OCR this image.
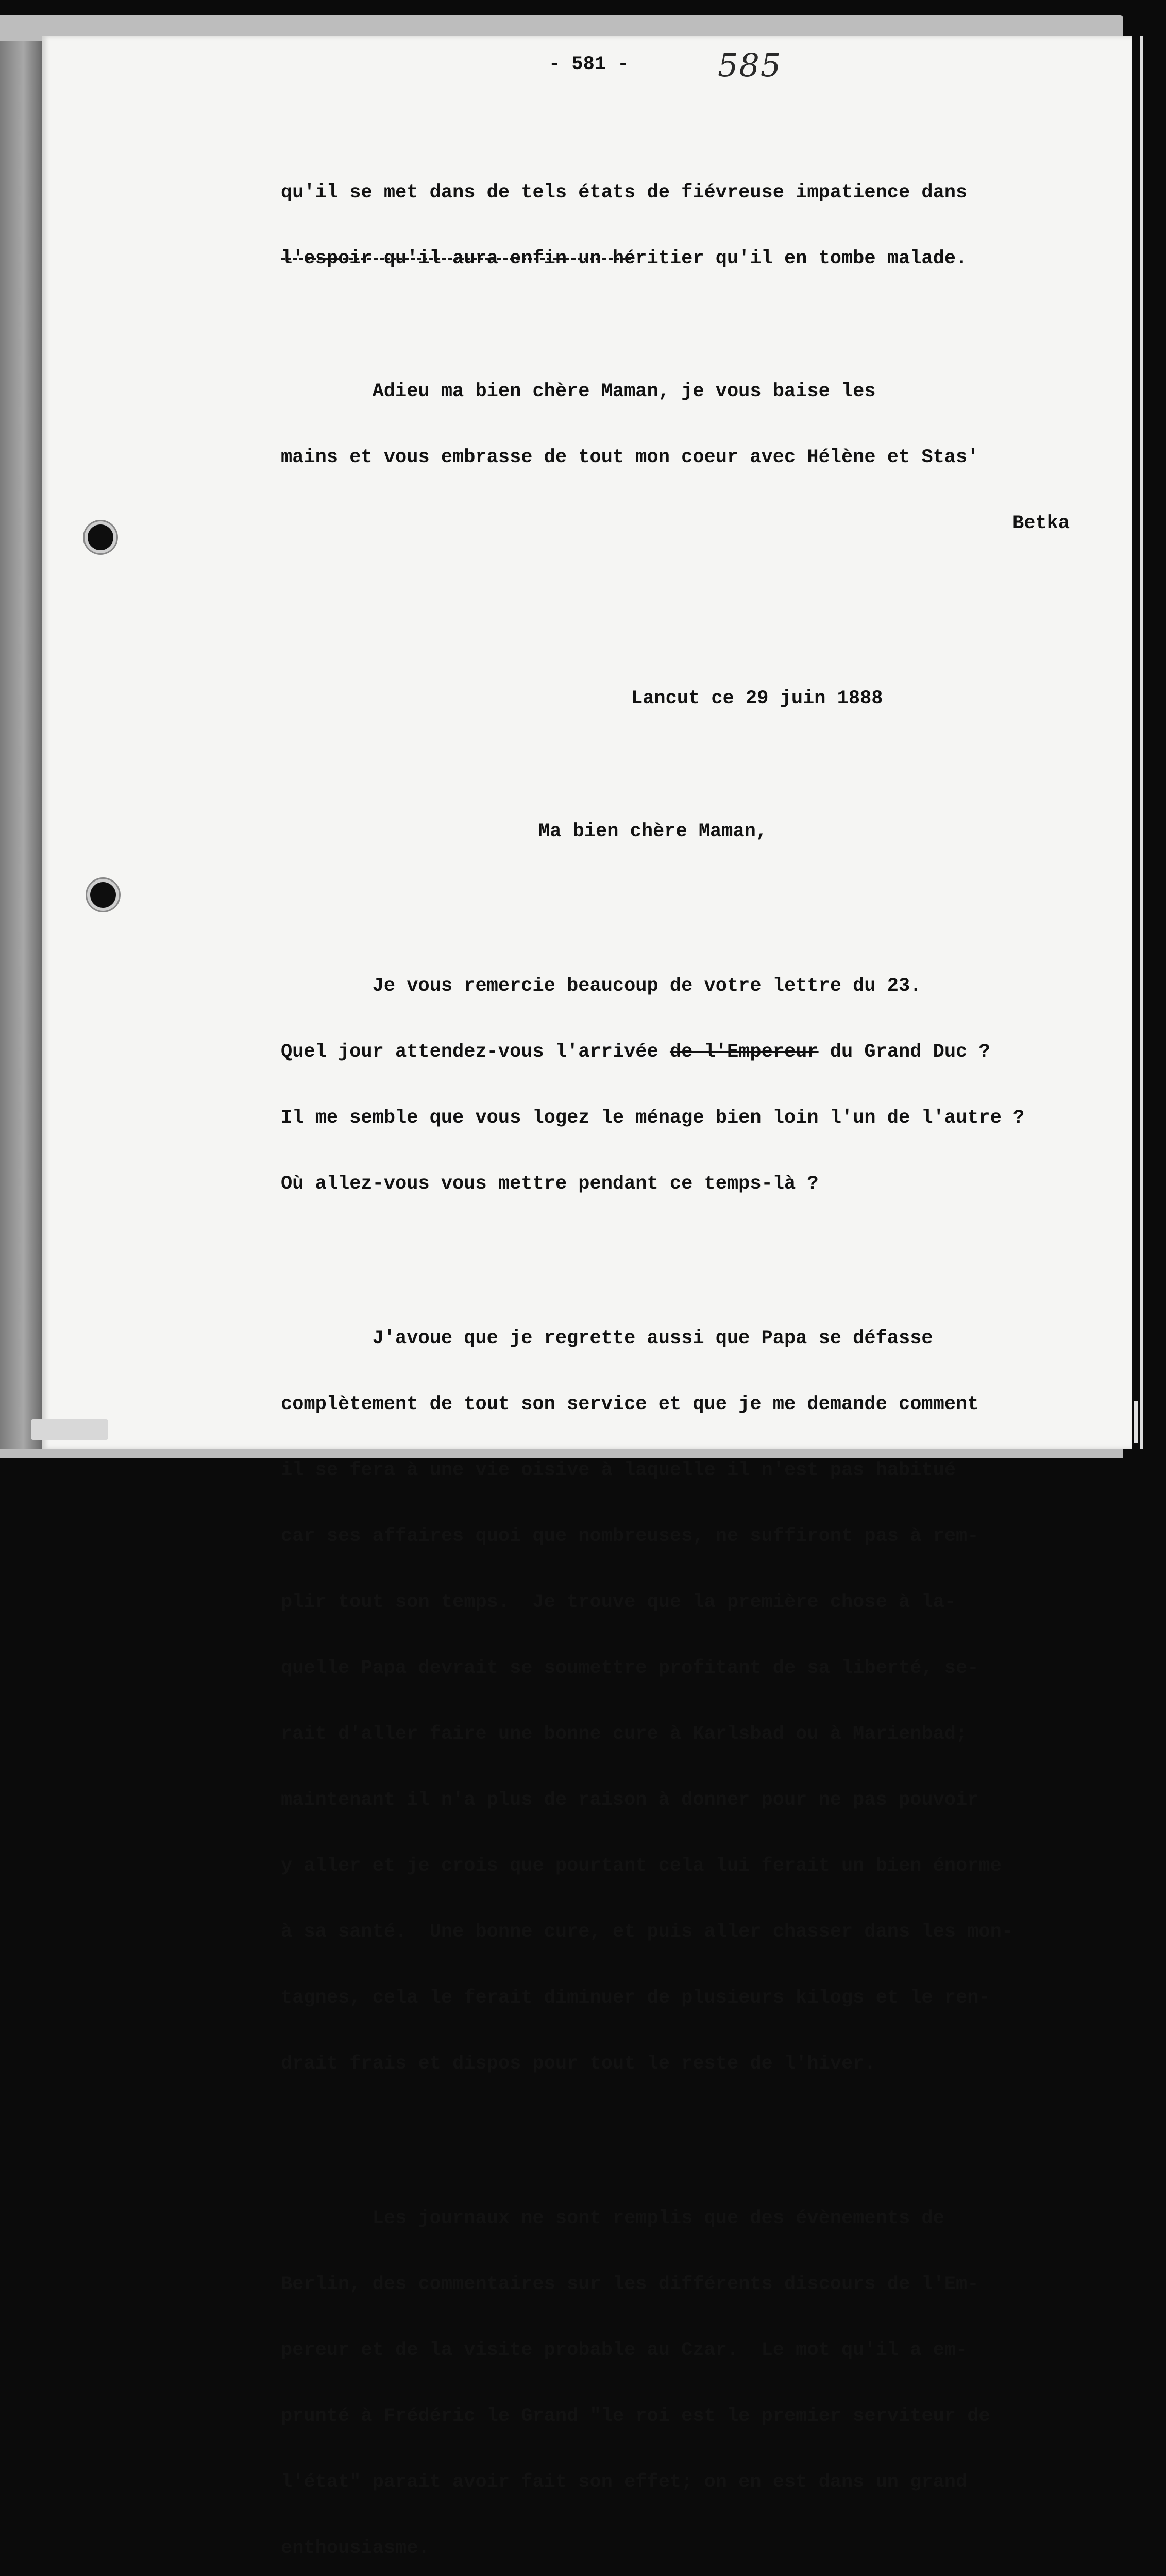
- 581 -	585

qu'il se met dans de tels états de fiévreuse impatience dans

l'espoir qu'il aura enfin un héritier qu'il en tombe malade.

Adieu ma bien chère Maman, je vous baise les

mains et vous embrasse de tout mon coeur avec Hélène et Stas'

Betka

Lancut ce 29 juin 1888

Ma bien chère Maman,

Je vous remercie beaucoup de votre lettre du 23.

Quel jour attendez-vous l'arrivée de l'Empereur du Grand Duc ?

Il me semble que vous logez le ménage bien loin l'un de l'autre ?

Où allez-vous vous mettre pendant ce temps-là ?

J'avoue que je regrette aussi que Papa se défasse

complètement de tout son service et que je me demande comment

il se fera à une vie oisive à laquelle il n'est pas habitué

car ses affaires quoi que nombreuses, ne suffiront pas à rem-

plir tout son temps.  Je trouve que la première chose à la-

quelle Papa devrait se soumettre profitant de sa liberté, se-

rait d'aller faire une bonne cure à Karlsbad ou à Marienbad;

maintenant il n'a plus de raison à donner pour ne pas pouvoir

y aller et je crois que pourtant cela lui ferait un bien énorme

à sa santé.  Une bonne cure, et puis aller chasser dans les mon-

tagnes, cela le ferait diminuer de plusieurs kilogs et le ren-

drait frais et dispos pour tout le reste de l'hiver.

Les journaux ne sont remplis que des évènements de

Berlin, des commentaires sur les différents discours de l'Em-

pereur et de la visite probable au Czar.  Le mot qu'il a em-

prunté à Frédéric le Grand "le roi est le premier serviteur de

l'état" parait avoir fait son effet; on en est dans un grand

enthousiasme.
